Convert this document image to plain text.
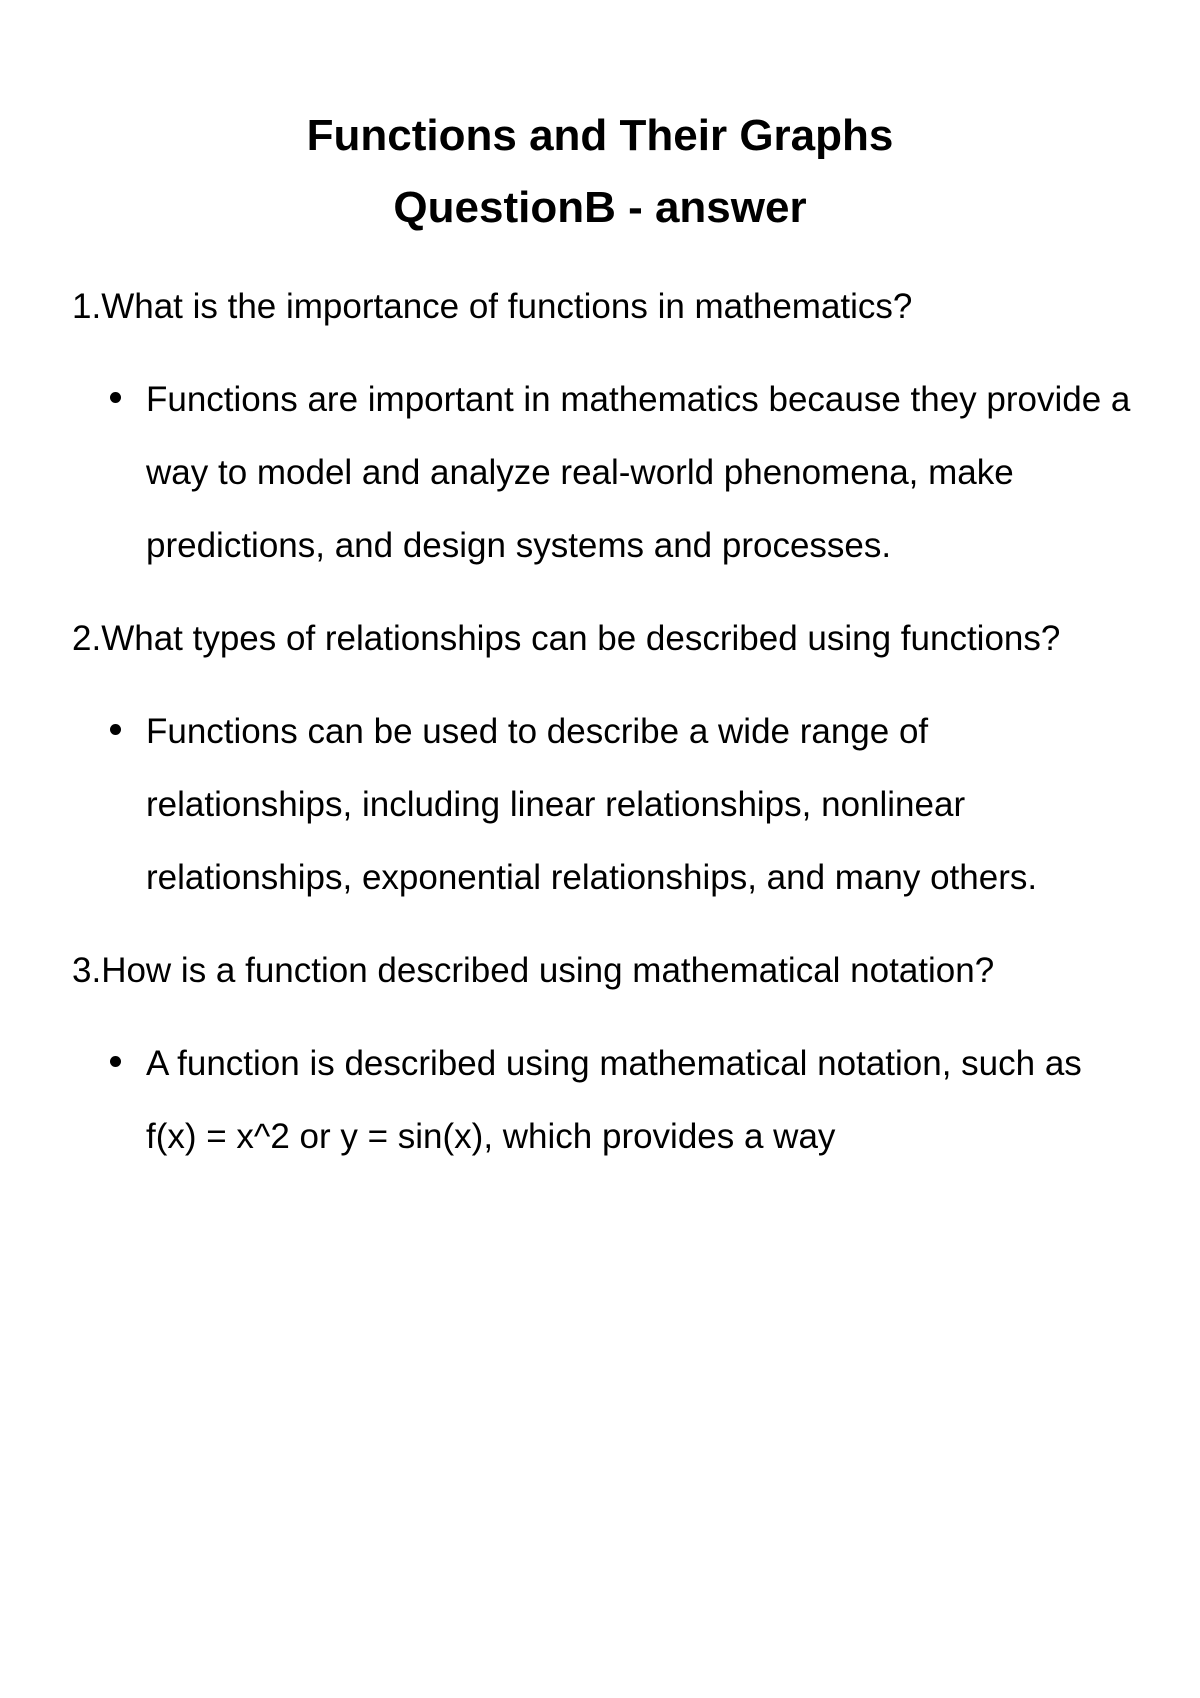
Functions and Their Graphs
QuestionB - answer

1.What is the importance of functions in mathematics?

Functions are important in mathematics because they provide a way to model and analyze real-world phenomena, make predictions, and design systems and processes.

2.What types of relationships can be described using functions?

Functions can be used to describe a wide range of relationships, including linear relationships, nonlinear relationships, exponential relationships, and many others.

3.How is a function described using mathematical notation?

A function is described using mathematical notation, such as f(x) = x^2 or y = sin(x), which provides a way
